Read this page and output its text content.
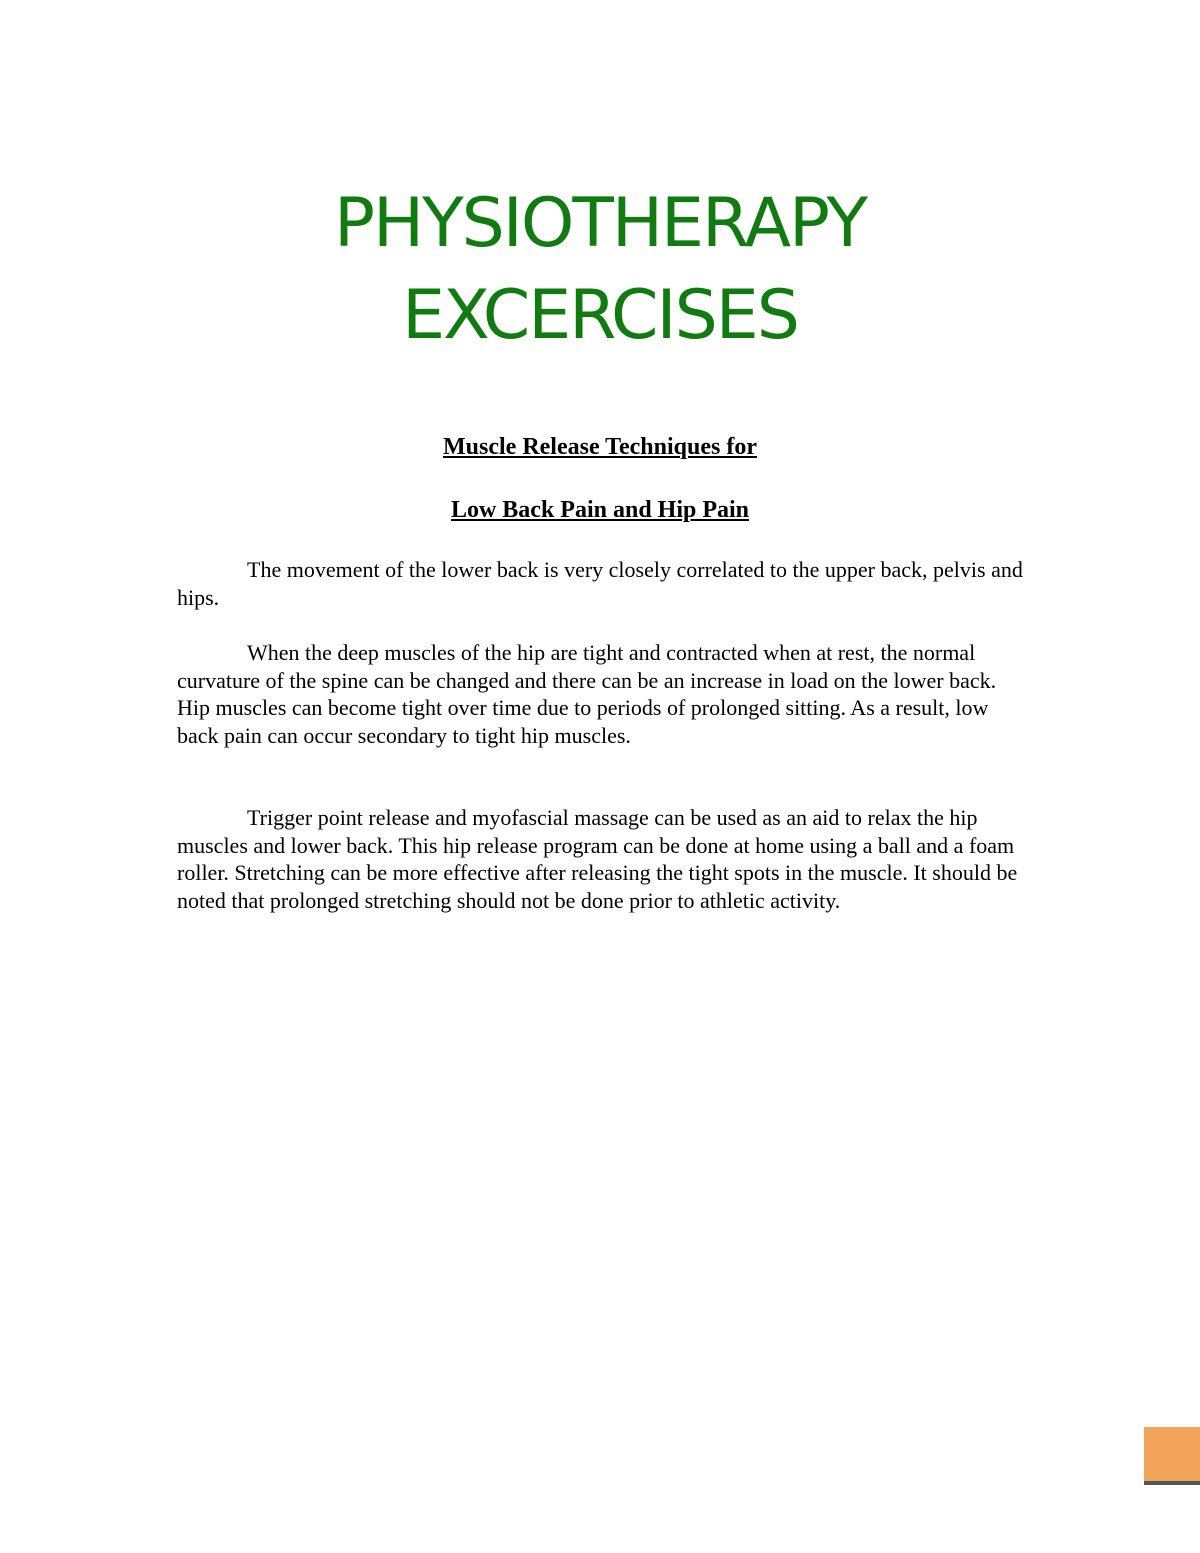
PHYSIOTHERAPY
EXCERCISES
Muscle Release Techniques for
Low Back Pain and Hip Pain

The movement of the lower back is very closely correlated to the upper back, pelvis and hips.

When the deep muscles of the hip are tight and contracted when at rest, the normal curvature of the spine can be changed and there can be an increase in load on the lower back. Hip muscles can become tight over time due to periods of prolonged sitting. As a result, low back pain can occur secondary to tight hip muscles.

Trigger point release and myofascial massage can be used as an aid to relax the hip muscles and lower back. This hip release program can be done at home using a ball and a foam roller. Stretching can be more effective after releasing the tight spots in the muscle. It should be noted that prolonged stretching should not be done prior to athletic activity.
